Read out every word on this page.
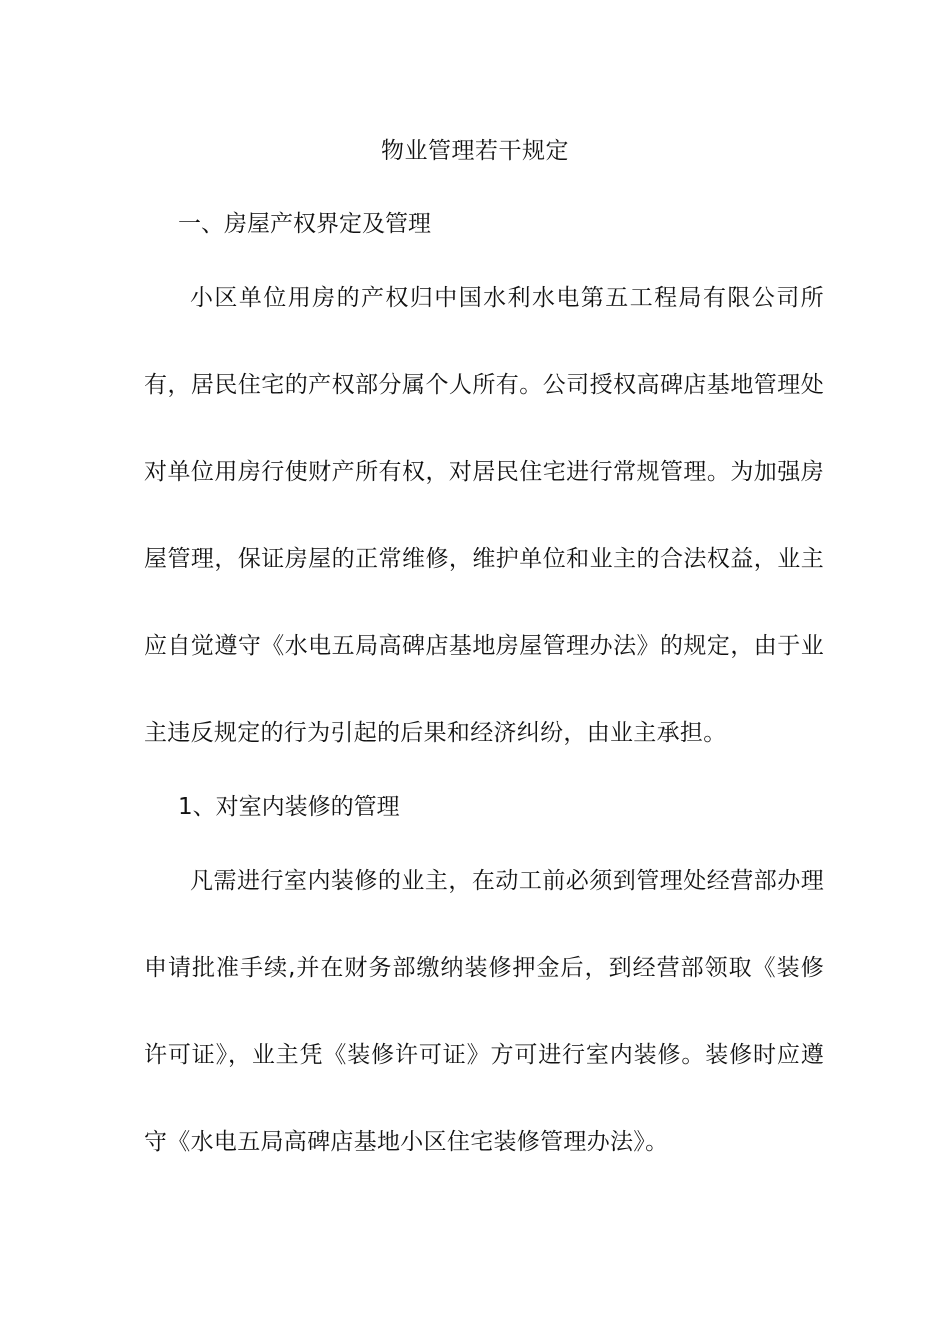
物业管理若干规定
一、房屋产权界定及管理
小区单位用房的产权归中国水利水电第五工程局有限公司所有，居民住宅的产权部分属个人所有。公司授权高碑店基地管理处对单位用房行使财产所有权，对居民住宅进行常规管理。为加强房屋管理，保证房屋的正常维修，维护单位和业主的合法权益，业主应自觉遵守《水电五局高碑店基地房屋管理办法》的规定，由于业主违反规定的行为引起的后果和经济纠纷，由业主承担。
1、对室内装修的管理
凡需进行室内装修的业主，在动工前必须到管理处经营部办理申请批准手续,并在财务部缴纳装修押金后，到经营部领取《装修许可证》，业主凭《装修许可证》方可进行室内装修。装修时应遵守《水电五局高碑店基地小区住宅装修管理办法》。
